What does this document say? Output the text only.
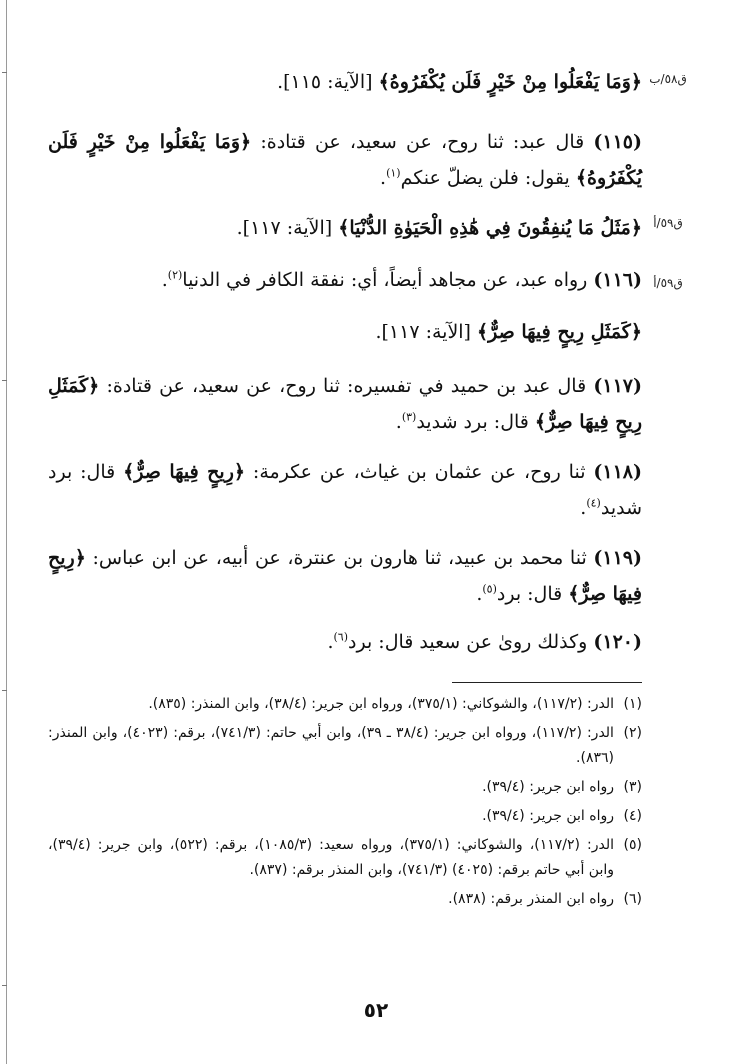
ق٥٨/ب
ق٥٩/أ
ق٥٩/أ
﴿وَمَا يَفْعَلُوا مِنْ خَيْرٍ فَلَن يُكْفَرُوهُ﴾ [الآية: ١١٥].
(١١٥) قال عبد: ثنا روح، عن سعيد، عن قتادة: ﴿وَمَا يَفْعَلُوا مِنْ خَيْرٍ فَلَن يُكْفَرُوهُ﴾ يقول: فلن يضلّ عنكم$^{(١)}$.
﴿مَثَلُ مَا يُنفِقُونَ فِي هَٰذِهِ الْحَيَوٰةِ الدُّنْيَا﴾ [الآية: ١١٧].
(١١٦) رواه عبد، عن مجاهد أيضاً، أي: نفقة الكافر في الدنيا$^{(٢)}$.
﴿كَمَثَلِ رِيحٍ فِيهَا صِرٌّ﴾ [الآية: ١١٧].
(١١٧) قال عبد بن حميد في تفسيره: ثنا روح، عن سعيد، عن قتادة: ﴿كَمَثَلِ رِيحٍ فِيهَا صِرٌّ﴾ قال: برد شديد$^{(٣)}$.
(١١٨) ثنا روح، عن عثمان بن غياث، عن عكرمة: ﴿رِيحٍ فِيهَا صِرٌّ﴾ قال: برد شديد$^{(٤)}$.
(١١٩) ثنا محمد بن عبيد، ثنا هارون بن عنترة، عن أبيه، عن ابن عباس: ﴿رِيحٍ فِيهَا صِرٌّ﴾ قال: برد$^{(٥)}$.
(١٢٠) وكذلك روىٰ عن سعيد قال: برد$^{(٦)}$.
(١)
الدر: (١١٧/٢)، والشوكاني: (٣٧٥/١)، ورواه ابن جرير: (٣٨/٤)، وابن المنذر: (٨٣٥).
(٢)
الدر: (١١٧/٢)، ورواه ابن جرير: (٣٨/٤ ـ ٣٩)، وابن أبي حاتم: (٧٤١/٣)، برقم: (٤٠٢٣)، وابن المنذر: (٨٣٦).
(٣)
رواه ابن جرير: (٣٩/٤).
(٤)
رواه ابن جرير: (٣٩/٤).
(٥)
الدر: (١١٧/٢)، والشوكاني: (٣٧٥/١)، ورواه سعيد: (١٠٨٥/٣)، برقم: (٥٢٢)، وابن جرير: (٣٩/٤)، وابن أبي حاتم برقم: (٤٠٢٥) (٧٤١/٣)، وابن المنذر برقم: (٨٣٧).
(٦)
رواه ابن المنذر برقم: (٨٣٨).
٥٢
